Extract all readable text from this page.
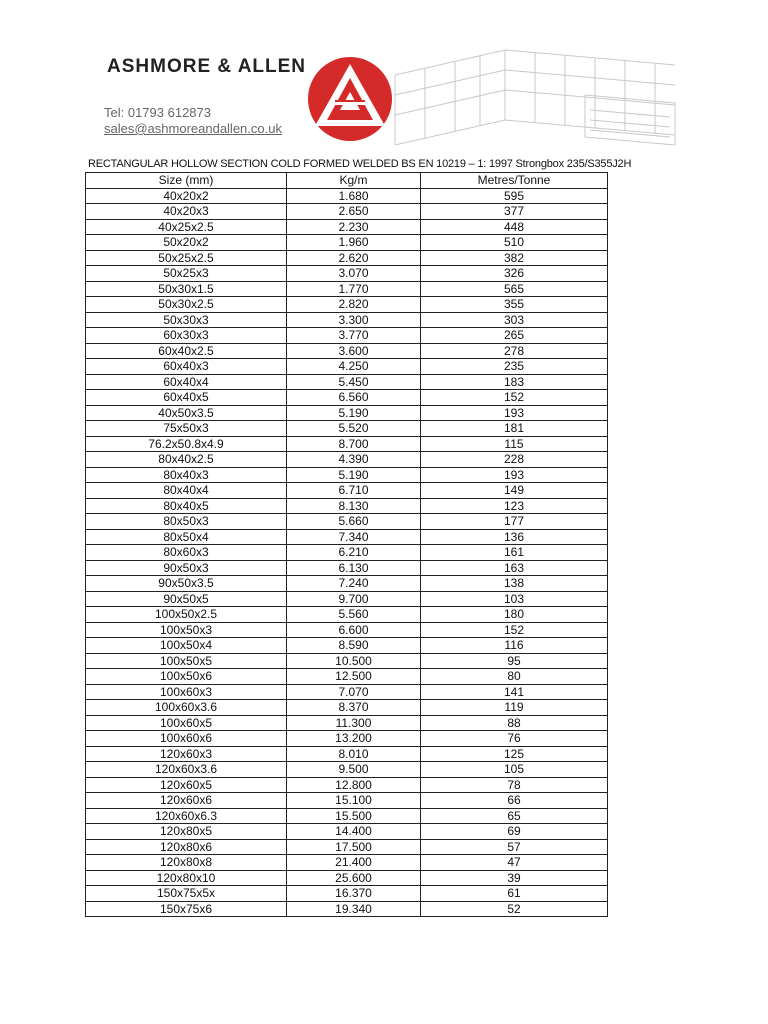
ASHMORE & ALLEN
Tel: 01793 612873
sales@ashmoreandallen.co.uk
RECTANGULAR HOLLOW SECTION COLD FORMED WELDED BS EN 10219 – 1: 1997 Strongbox 235/S355J2H
Size (mm)	Kg/m	Metres/Tonne
40x20x2	1.680	595
40x20x3	2.650	377
40x25x2.5	2.230	448
50x20x2	1.960	510
50x25x2.5	2.620	382
50x25x3	3.070	326
50x30x1.5	1.770	565
50x30x2.5	2.820	355
50x30x3	3.300	303
60x30x3	3.770	265
60x40x2.5	3.600	278
60x40x3	4.250	235
60x40x4	5.450	183
60x40x5	6.560	152
40x50x3.5	5.190	193
75x50x3	5.520	181
76.2x50.8x4.9	8.700	115
80x40x2.5	4.390	228
80x40x3	5.190	193
80x40x4	6.710	149
80x40x5	8.130	123
80x50x3	5.660	177
80x50x4	7.340	136
80x60x3	6.210	161
90x50x3	6.130	163
90x50x3.5	7.240	138
90x50x5	9.700	103
100x50x2.5	5.560	180
100x50x3	6.600	152
100x50x4	8.590	116
100x50x5	10.500	95
100x50x6	12.500	80
100x60x3	7.070	141
100x60x3.6	8.370	119
100x60x5	11.300	88
100x60x6	13.200	76
120x60x3	8.010	125
120x60x3.6	9.500	105
120x60x5	12.800	78
120x60x6	15.100	66
120x60x6.3	15.500	65
120x80x5	14.400	69
120x80x6	17.500	57
120x80x8	21.400	47
120x80x10	25.600	39
150x75x5x	16.370	61
150x75x6	19.340	52
